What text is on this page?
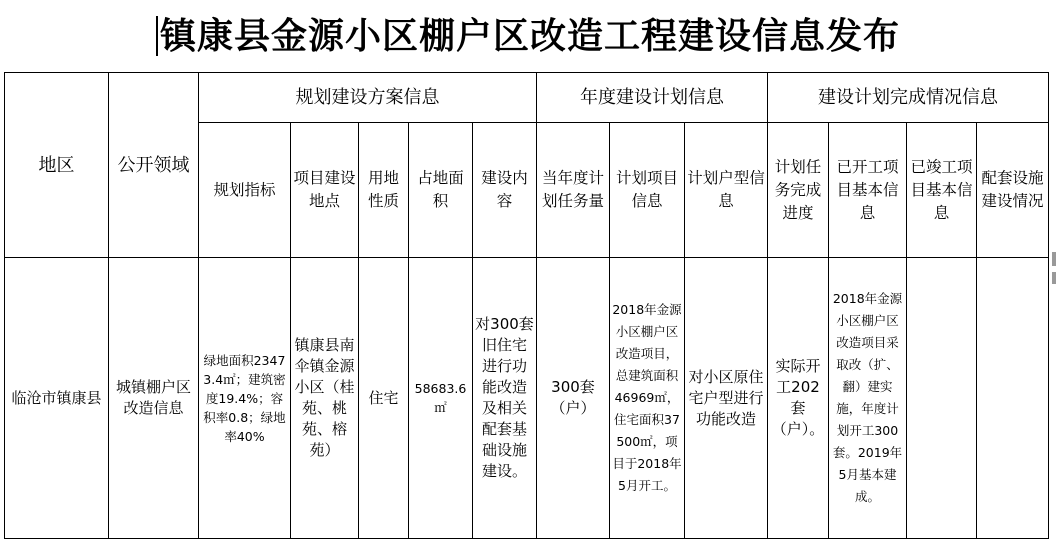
镇康县金源小区棚户区改造工程建设信息发布
地区	公开领域	规划建设方案信息					年度建设计划信息			建设计划完成情况信息			
		规划指标	项目建设地点	用地性质	占地面积	建设内容	当年度计划任务量	计划项目信息	计划户型信息	计划任务完成进度	已开工项目基本信息	已竣工项目基本信息	配套设施建设情况
临沧市镇康县	城镇棚户区改造信息	绿地面积23473.4㎡；建筑密度19.4%；容积率0.8；绿地率40%	镇康县南伞镇金源小区（桂苑、桃苑、榕苑）	住宅	58683.6㎡	对300套旧住宅进行功能改造及相关配套基础设施建设。	300套（户）	2018年金源小区棚户区改造项目，总建筑面积46969㎡，住宅面积37500㎡，项目于2018年5月开工。	对小区原住宅户型进行功能改造	实际开工202套（户）。	2018年金源小区棚户区改造项目采取改（扩、翻）建实施，年度计划开工300套。2019年5月基本建成。		
